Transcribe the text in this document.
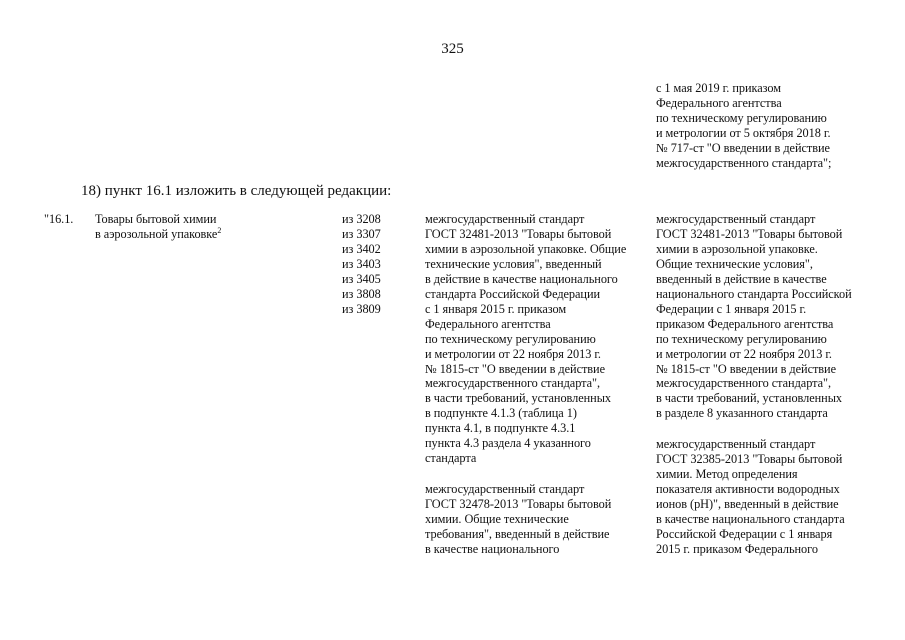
325
с 1 мая 2019 г. приказом
Федерального агентства
по техническому регулированию
и метрологии от 5 октября 2018 г.
№ 717-ст "О введении в действие
межгосударственного стандарта";
18) пункт 16.1 изложить в следующей редакции:
"16.1. Товары бытовой химии
в аэрозольной упаковке$^2$
из 3208
из 3307
из 3402
из 3403
из 3405
из 3808
из 3809
межгосударственный стандарт
ГОСТ 32481-2013 "Товары бытовой
химии в аэрозольной упаковке. Общие
технические условия", введенный
в действие в качестве национального
стандарта Российской Федерации
с 1 января 2015 г. приказом
Федерального агентства
по техническому регулированию
и метрологии от 22 ноября 2013 г.
№ 1815-ст "О введении в действие
межгосударственного стандарта",
в части требований, установленных
в подпункте 4.1.3 (таблица 1)
пункта 4.1, в подпункте 4.3.1
пункта 4.3 раздела 4 указанного
стандарта
межгосударственный стандарт
ГОСТ 32478-2013 "Товары бытовой
химии. Общие технические
требования", введенный в действие
в качестве национального
межгосударственный стандарт
ГОСТ 32481-2013 "Товары бытовой
химии в аэрозольной упаковке.
Общие технические условия",
введенный в действие в качестве
национального стандарта Российской
Федерации с 1 января 2015 г.
приказом Федерального агентства
по техническому регулированию
и метрологии от 22 ноября 2013 г.
№ 1815-ст "О введении в действие
межгосударственного стандарта",
в части требований, установленных
в разделе 8 указанного стандарта
межгосударственный стандарт
ГОСТ 32385-2013 "Товары бытовой
химии. Метод определения
показателя активности водородных
ионов (pH)", введенный в действие
в качестве национального стандарта
Российской Федерации с 1 января
2015 г. приказом Федерального
